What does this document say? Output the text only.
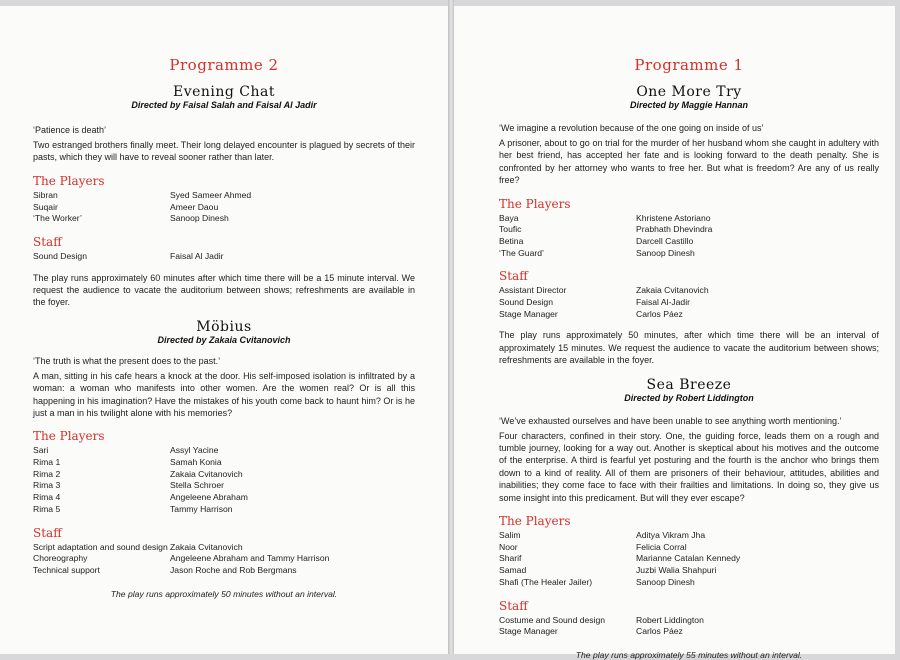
Programme 2
Evening Chat
Directed by Faisal Salah and Faisal Al Jadir
‘Patience is death’
Two estranged brothers finally meet. Their long delayed encounter is plagued by secrets of their pasts, which they will have to reveal sooner rather than later.
The Players
Sibran	Syed Sameer Ahmed
Suqair	Ameer Daou
‘The Worker’	Sanoop Dinesh
Staff
Sound Design	Faisal Al Jadir
The play runs approximately 60 minutes after which time there will be a 15 minute interval. We request the audience to vacate the auditorium between shows; refreshments are available in the foyer.
Möbius
Directed by Zakaia Cvitanovich
‘The truth is what the present does to the past.’
A man, sitting in his cafe hears a knock at the door. His self-imposed isolation is infiltrated by a woman: a woman who manifests into other women. Are the women real? Or is all this happening in his imagination? Have the mistakes of his youth come back to haunt him? Or is he just a man in his twilight alone with his memories?
The Players
Sari	Assyl Yacine
Rima 1	Samah Konia
Rima 2	Zakaia Cvitanovich
Rima 3	Stella Schroer
Rima 4	Angeleene Abraham
Rima 5	Tammy Harrison
Staff
Script adaptation and sound design	Zakaia Cvitanovich
Choreography	Angeleene Abraham and Tammy Harrison
Technical support	Jason Roche and Rob Bergmans
The play runs approximately 50 minutes without an interval.
Programme 1
One More Try
Directed by Maggie Hannan
‘We imagine a revolution because of the one going on inside of us’
A prisoner, about to go on trial for the murder of her husband whom she caught in adultery with her best friend, has accepted her fate and is looking forward to the death penalty. She is confronted by her attorney who wants to free her. But what is freedom? Are any of us really free?
The Players
Baya	Khristene Astoriano
Toufic	Prabhath Dhevindra
Betina	Darcell Castillo
‘The Guard’	Sanoop Dinesh
Staff
Assistant Director	Zakaia Cvitanovich
Sound Design	Faisal Al-Jadir
Stage Manager	Carlos Páez
The play runs approximately 50 minutes, after which time there will be an interval of approximately 15 minutes. We request the audience to vacate the auditorium between shows; refreshments are available in the foyer.
Sea Breeze
Directed by Robert Liddington
‘We’ve exhausted ourselves and have been unable to see anything worth mentioning.’
Four characters, confined in their story. One, the guiding force, leads them on a rough and tumble journey, looking for a way out. Another is skeptical about his motives and the outcome of the enterprise. A third is fearful yet posturing and the fourth is the anchor who brings them down to a kind of reality. All of them are prisoners of their behaviour, attitudes, abilities and inabilities; they come face to face with their frailties and limitations. In doing so, they give us some insight into this predicament. But will they ever escape?
The Players
Salim	Aditya Vikram Jha
Noor	Felicia Corral
Sharif	Marianne Catalan Kennedy
Samad	Juzbi Walia Shahpuri
Shafi (The Healer Jailer)	Sanoop Dinesh
Staff
Costume and Sound design	Robert Liddington
Stage Manager	Carlos Páez
The play runs approximately 55 minutes without an interval.
